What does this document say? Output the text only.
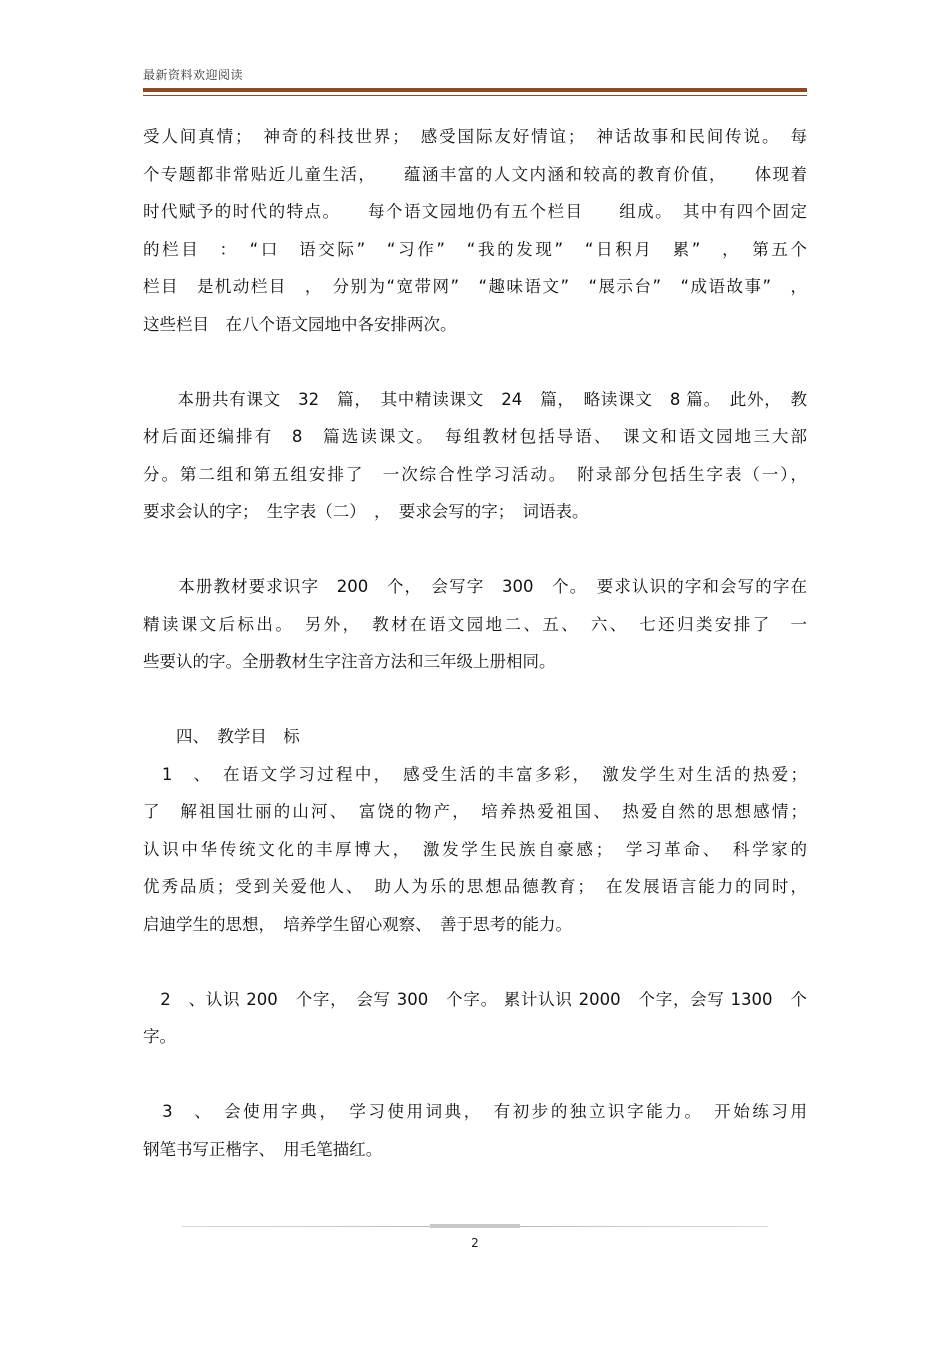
最新资料欢迎阅读
受人间真情；　神奇的科技世界；　感受国际友好情谊；　神话故事和民间传说。　每
个专题都非常贴近儿童生活，　　蕴涵丰富的人文内涵和较高的教育价值，　　体现着
时代赋予的时代的特点。　　每个语文园地仍有五个栏目　　组成。　其中有四个固定
的栏目　：　“口　语交际”　“习作”　“我的发现”　“日积月　累”　，　第五个
栏目　是机动栏目　，　分别为“宽带网”　“趣味语文”　“展示台”　“成语故事”　，
这些栏目　在八个语文园地中各安排两次。
　　本册共有课文　32　篇，　其中精读课文　24　篇，　略读课文　8 篇。　此外，　教
材后面还编排有　8　篇选读课文。　每组教材包括导语、　课文和语文园地三大部
分。第二组和第五组安排了　一次综合性学习活动。　附录部分包括生字表（一），
要求会认的字；　生字表（二）　，　要求会写的字；　词语表。
　　本册教材要求识字　200　个，　会写字　300　个。　要求认识的字和会写的字在
精读课文后标出。　另外，　教材在语文园地二、五、　六、　七还归类安排了　一
些要认的字。全册教材生字注音方法和三年级上册相同。
　　四、　教学目　标
　1　、　在语文学习过程中，　感受生活的丰富多彩，　激发学生对生活的热爱；
了　解祖国壮丽的山河、　富饶的物产，　培养热爱祖国、　热爱自然的思想感情；
认识中华传统文化的丰厚博大，　激发学生民族自豪感；　学习革命、　科学家的
优秀品质；受到关爱他人、　助人为乐的思想品德教育；　在发展语言能力的同时，
启迪学生的思想，　培养学生留心观察、　善于思考的能力。
　2　、认识 200　个字，　会写 300　个字。 累计认识 2000　个字，会写 1300　个
字。
　3　、　会使用字典，　学习使用词典，　有初步的独立识字能力。　开始练习用
钢笔书写正楷字、　用毛笔描红。
2
